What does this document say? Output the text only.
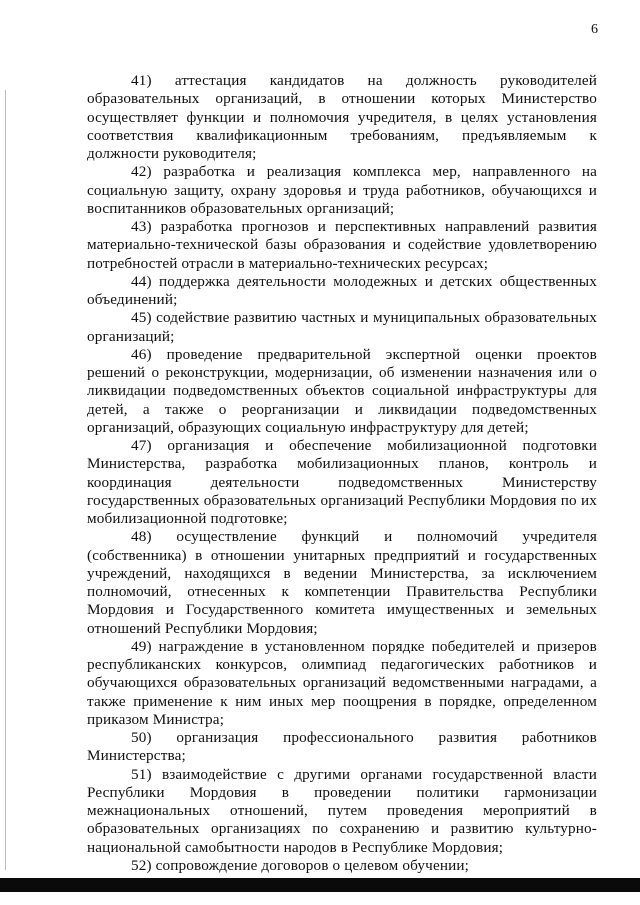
6

41) аттестация кандидатов на должность руководителей образовательных организаций, в отношении которых Министерство осуществляет функции и полномочия учредителя, в целях установления соответствия квалификационным требованиям, предъявляемым к должности руководителя;

42) разработка и реализация комплекса мер, направленного на социальную защиту, охрану здоровья и труда работников, обучающихся и воспитанников образовательных организаций;

43) разработка прогнозов и перспективных направлений развития материально-технической базы образования и содействие удовлетворению потребностей отрасли в материально-технических ресурсах;

44) поддержка деятельности молодежных и детских общественных объединений;

45) содействие развитию частных и муниципальных образовательных организаций;

46) проведение предварительной экспертной оценки проектов решений о реконструкции, модернизации, об изменении назначения или о ликвидации подведомственных объектов социальной инфраструктуры для детей, а также о реорганизации и ликвидации подведомственных организаций, образующих социальную инфраструктуру для детей;

47) организация и обеспечение мобилизационной подготовки Министерства, разработка мобилизационных планов, контроль и координация деятельности подведомственных Министерству государственных образовательных организаций Республики Мордовия по их мобилизационной подготовке;

48) осуществление функций и полномочий учредителя (собственника) в отношении унитарных предприятий и государственных учреждений, находящихся в ведении Министерства, за исключением полномочий, отнесенных к компетенции Правительства Республики Мордовия и Государственного комитета имущественных и земельных отношений Республики Мордовия;

49) награждение в установленном порядке победителей и призеров республиканских конкурсов, олимпиад педагогических работников и обучающихся образовательных организаций ведомственными наградами, а также применение к ним иных мер поощрения в порядке, определенном приказом Министра;

50) организация профессионального развития работников Министерства;

51) взаимодействие с другими органами государственной власти Республики Мордовия в проведении политики гармонизации межнациональных отношений, путем проведения мероприятий в образовательных организациях по сохранению и развитию культурно-национальной самобытности народов в Республике Мордовия;

52) сопровождение договоров о целевом обучении;
